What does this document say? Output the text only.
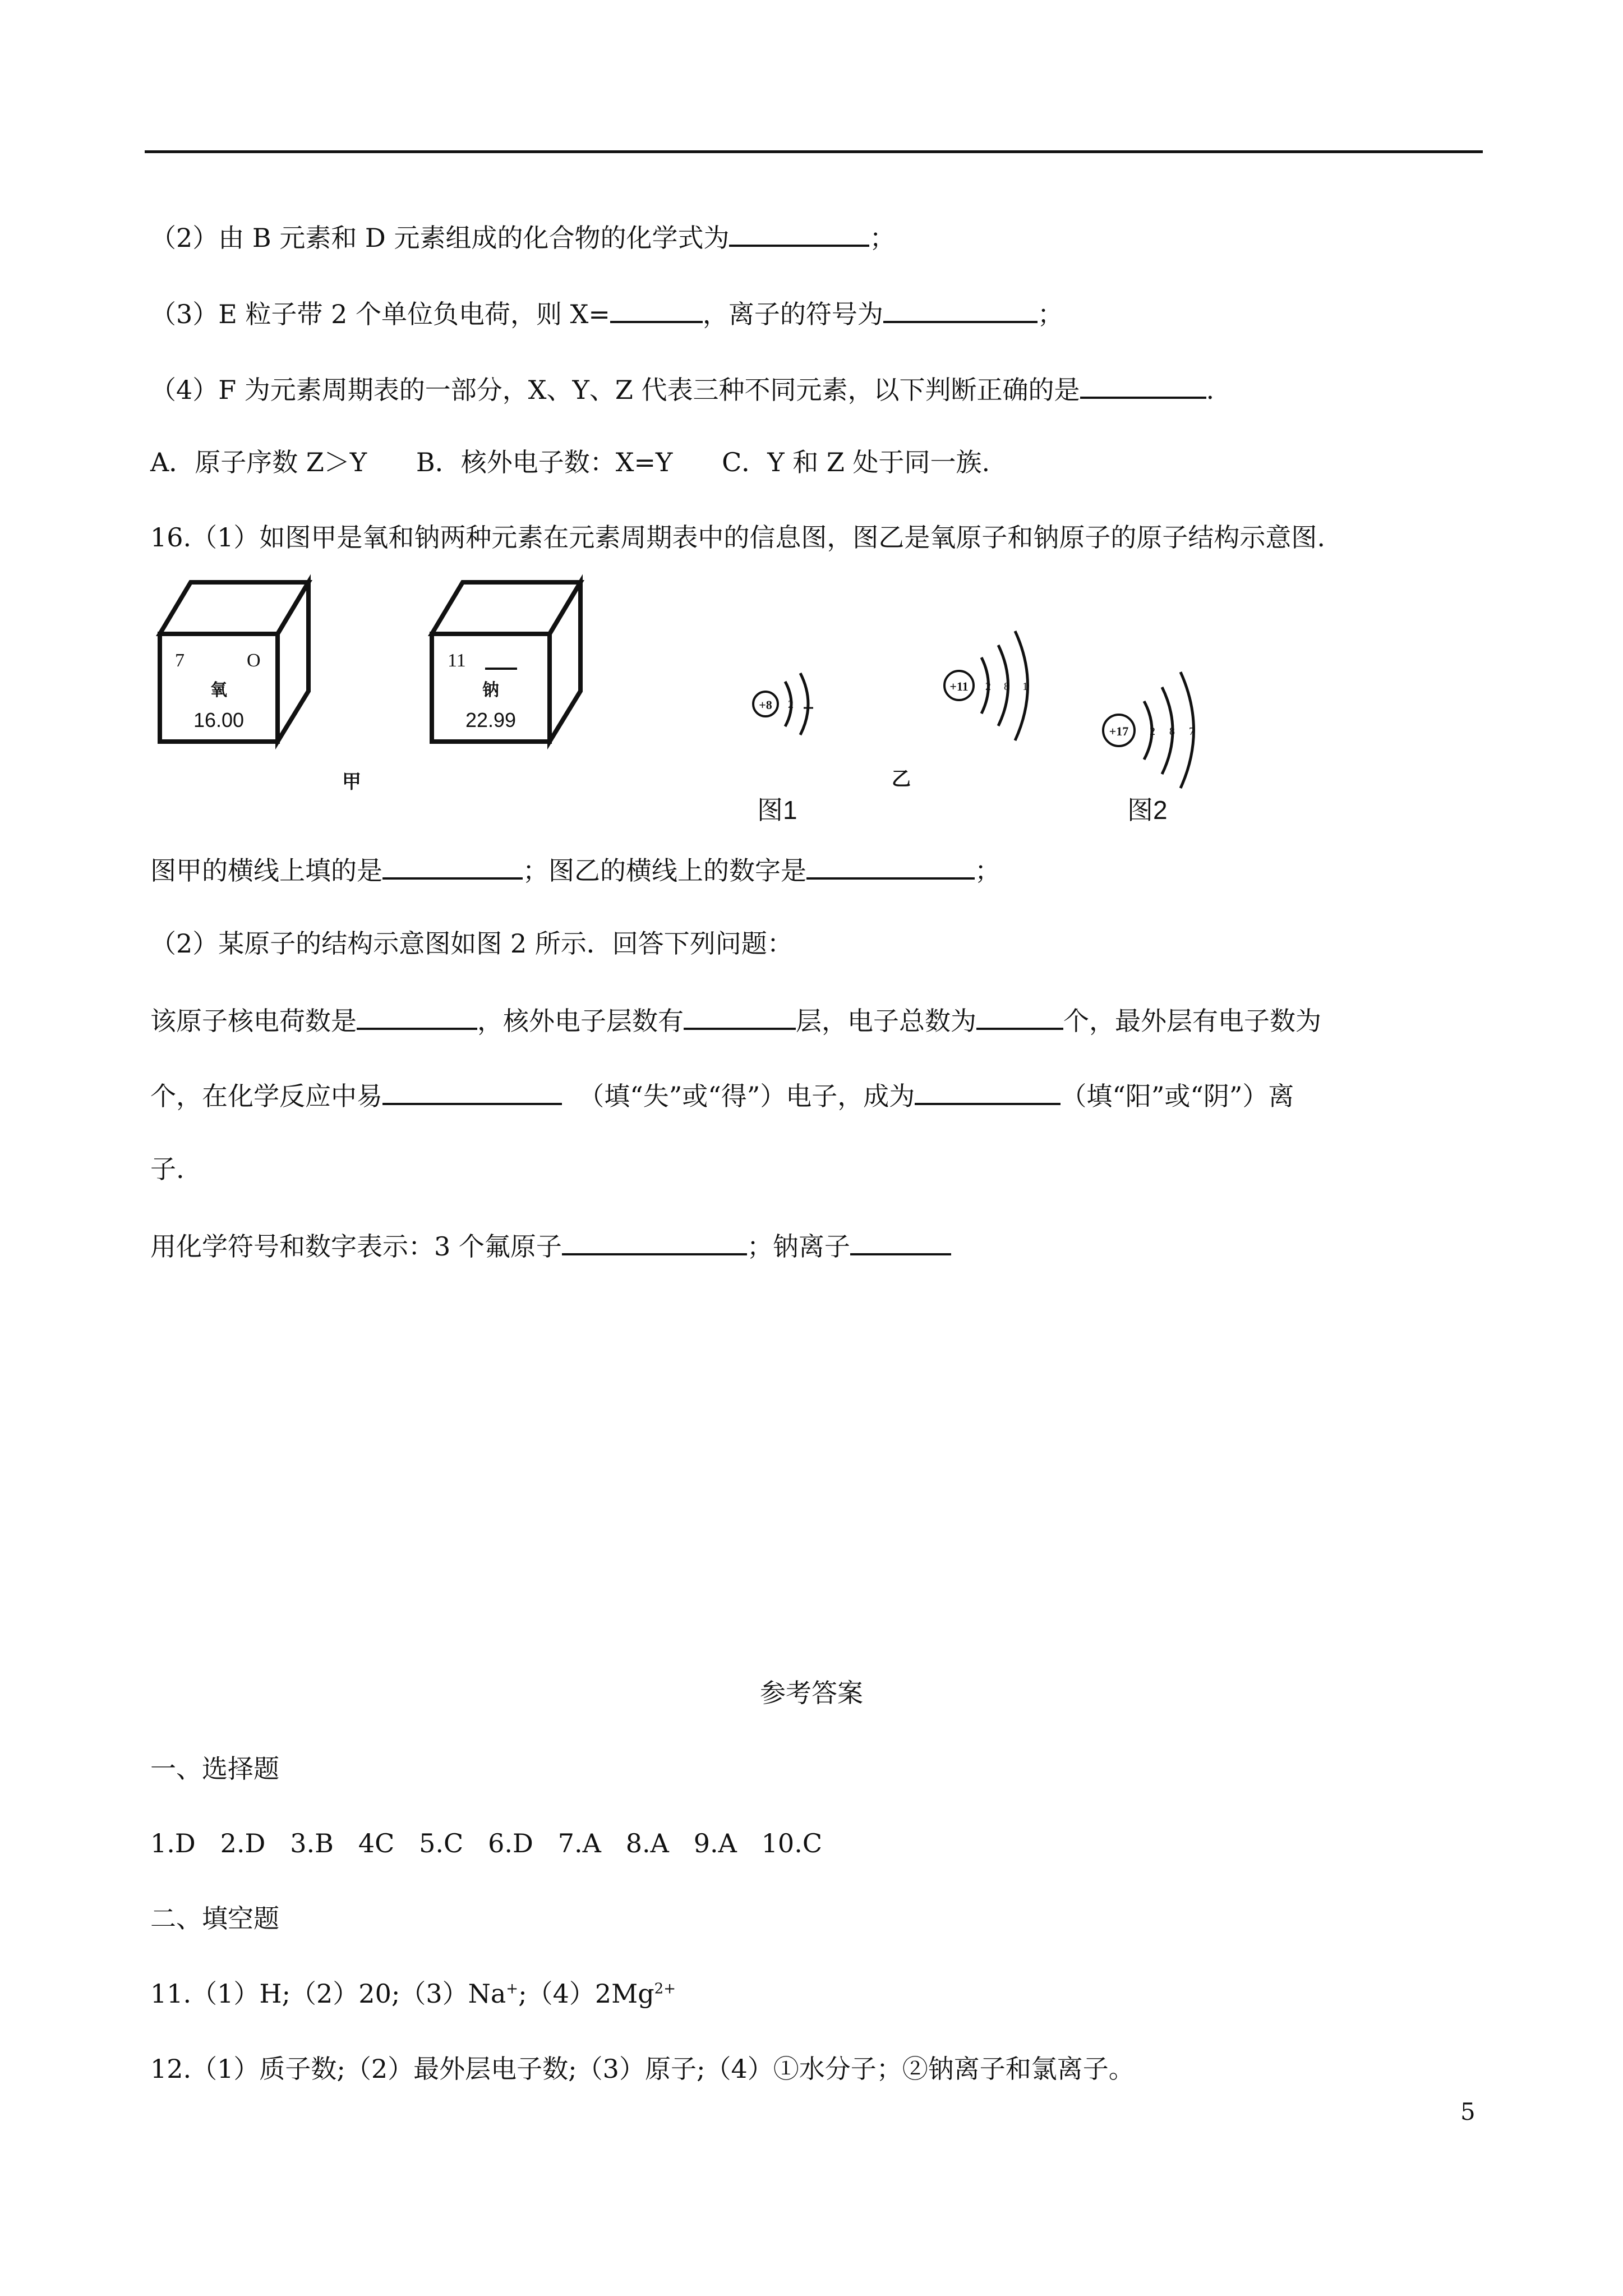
（2）由 B 元素和 D 元素组成的化合物的化学式为	；
（3）E 粒子带 2 个单位负电荷，则 X=	，离子的符号为	；
（4）F 为元素周期表的一部分，X、Y、Z 代表三种不同元素，以下判断正确的是	.
A．原子序数 Z＞Y      B．核外电子数：X=Y      C．Y 和 Z 处于同一族.
16.（1）如图甲是氧和钠两种元素在元素周期表中的信息图，图乙是氧原子和钠原子的原子结构示意图.
7	O
氧
16.00
11
钠
22.99
甲
+8 2
+11 2 8 1
乙
图1
+17 2 8 7
图2
图甲的横线上填的是	；图乙的横线上的数字是	；
（2）某原子的结构示意图如图 2 所示．回答下列问题：
该原子核电荷数是	，核外电子层数有	层，电子总数为	个，最外层有电子数为
个，在化学反应中易	（填“失”或“得”）电子，成为	（填“阳”或“阴”）离
子.
用化学符号和数字表示：3 个氟原子	；钠离子
参考答案
一、选择题
1.D   2.D   3.B   4C   5.C   6.D   7.A   8.A   9.A   10.C
二、填空题
$11.(1)H;(2)20;(3)Na^+;(4)2Mg^{2+}$
12.（1）质子数;（2）最外层电子数;（3）原子;（4）①水分子；②钠离子和氯离子。
5
